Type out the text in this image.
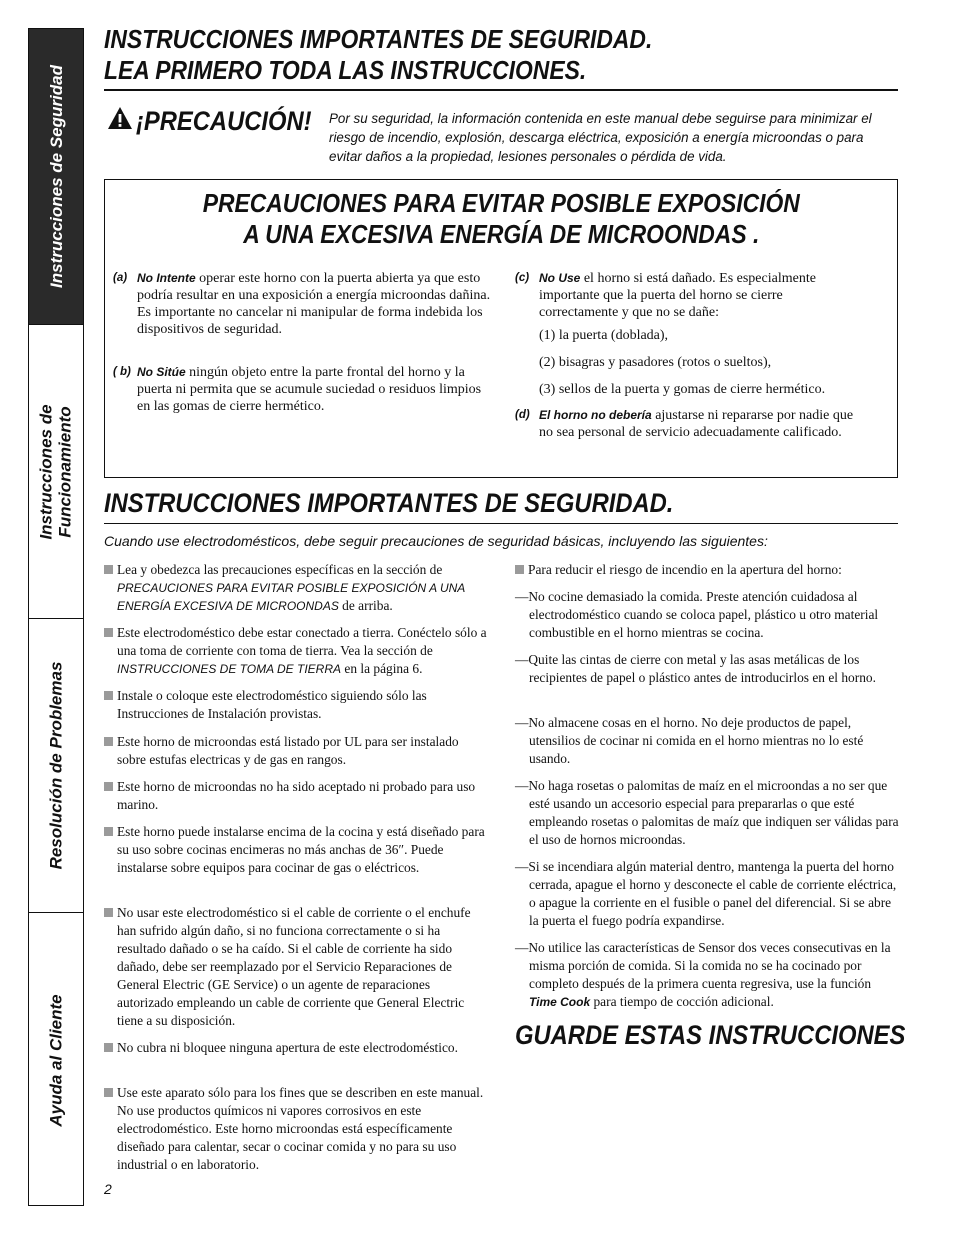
Instrucciones de Seguridad
Instrucciones de
Funcionamiento
Resolución de Problemas
Ayuda al Cliente
INSTRUCCIONES IMPORTANTES DE SEGURIDAD.
LEA PRIMERO TODA LAS INSTRUCCIONES.
¡PRECAUCIÓN! Por su seguridad, la información contenida en este manual debe seguirse para minimizar el riesgo de incendio, explosión, descarga eléctrica, exposición a energía microondas o para evitar daños a la propiedad, lesiones personales o pérdida de vida.
PRECAUCIONES PARA EVITAR POSIBLE EXPOSICIÓN
A UNA EXCESIVA ENERGÍA DE MICROONDAS .
(a) No Intente operar este horno con la puerta abierta ya que esto podría resultar en una exposición a energía microondas dañina. Es importante no cancelar ni manipular de forma indebida los dispositivos de seguridad.
( b) No Sitúe ningún objeto entre la parte frontal del horno y la puerta ni permita que se acumule suciedad o residuos limpios en las gomas de cierre hermético.
(c) No Use el horno si está dañado. Es especialmente importante que la puerta del horno se cierre correctamente y que no se dañe:
(1) la puerta (doblada),
(2) bisagras y pasadores (rotos o sueltos),
(3) sellos de la puerta y gomas de cierre hermético.
(d) El horno no debería ajustarse ni repararse por nadie que no sea personal de servicio adecuadamente calificado.
INSTRUCCIONES IMPORTANTES DE SEGURIDAD.
Cuando use electrodomésticos, debe seguir precauciones de seguridad básicas, incluyendo las siguientes:
Lea y obedezca las precauciones específicas en la sección de PRECAUCIONES PARA EVITAR POSIBLE EXPOSICIÓN A UNA ENERGÍA EXCESIVA DE MICROONDAS de arriba.
Este electrodoméstico debe estar conectado a tierra. Conéctelo sólo a una toma de corriente con toma de tierra. Vea la sección de INSTRUCCIONES DE TOMA DE TIERRA en la página 6.
Instale o coloque este electrodoméstico siguiendo sólo las Instrucciones de Instalación provistas.
Este horno de microondas está listado por UL para ser instalado sobre estufas electricas y de gas en rangos.
Este horno de microondas no ha sido aceptado ni probado para uso marino.
Este horno puede instalarse encima de la cocina y está diseñado para su uso sobre cocinas encimeras no más anchas de 36″. Puede instalarse sobre equipos para cocinar de gas o eléctricos.
No usar este electrodoméstico si el cable de corriente o el enchufe han sufrido algún daño, si no funciona correctamente o si ha resultado dañado o se ha caído. Si el cable de corriente ha sido dañado, debe ser reemplazado por el Servicio Reparaciones de General Electric (GE Service) o un agente de reparaciones autorizado empleando un cable de corriente que General Electric tiene a su disposición.
No cubra ni bloquee ninguna apertura de este electrodoméstico.
Use este aparato sólo para los fines que se describen en este manual. No use productos químicos ni vapores corrosivos en este electrodoméstico. Este horno microondas está específicamente diseñado para calentar, secar o cocinar comida y no para su uso industrial o en laboratorio.
Para reducir el riesgo de incendio en la apertura del horno:
—No cocine demasiado la comida. Preste atención cuidadosa al electrodoméstico cuando se coloca papel, plástico u otro material combustible en el horno mientras se cocina.
—Quite las cintas de cierre con metal y las asas metálicas de los recipientes de papel o plástico antes de introducirlos en el horno.
—No almacene cosas en el horno. No deje productos de papel, utensilios de cocinar ni comida en el horno mientras no lo esté usando.
—No haga rosetas o palomitas de maíz en el microondas a no ser que esté usando un accesorio especial para prepararlas o que esté empleando rosetas o palomitas de maíz que indiquen ser válidas para el uso de hornos microondas.
—Si se incendiara algún material dentro, mantenga la puerta del horno cerrada, apague el horno y desconecte el cable de corriente eléctrica, o apague la corriente en el fusible o panel del diferencial. Si se abre la puerta el fuego podría expandirse.
—No utilice las características de Sensor dos veces consecutivas en la misma porción de comida. Si la comida no se ha cocinado por completo después de la primera cuenta regresiva, use la función Time Cook para tiempo de cocción adicional.
GUARDE ESTAS INSTRUCCIONES
2
